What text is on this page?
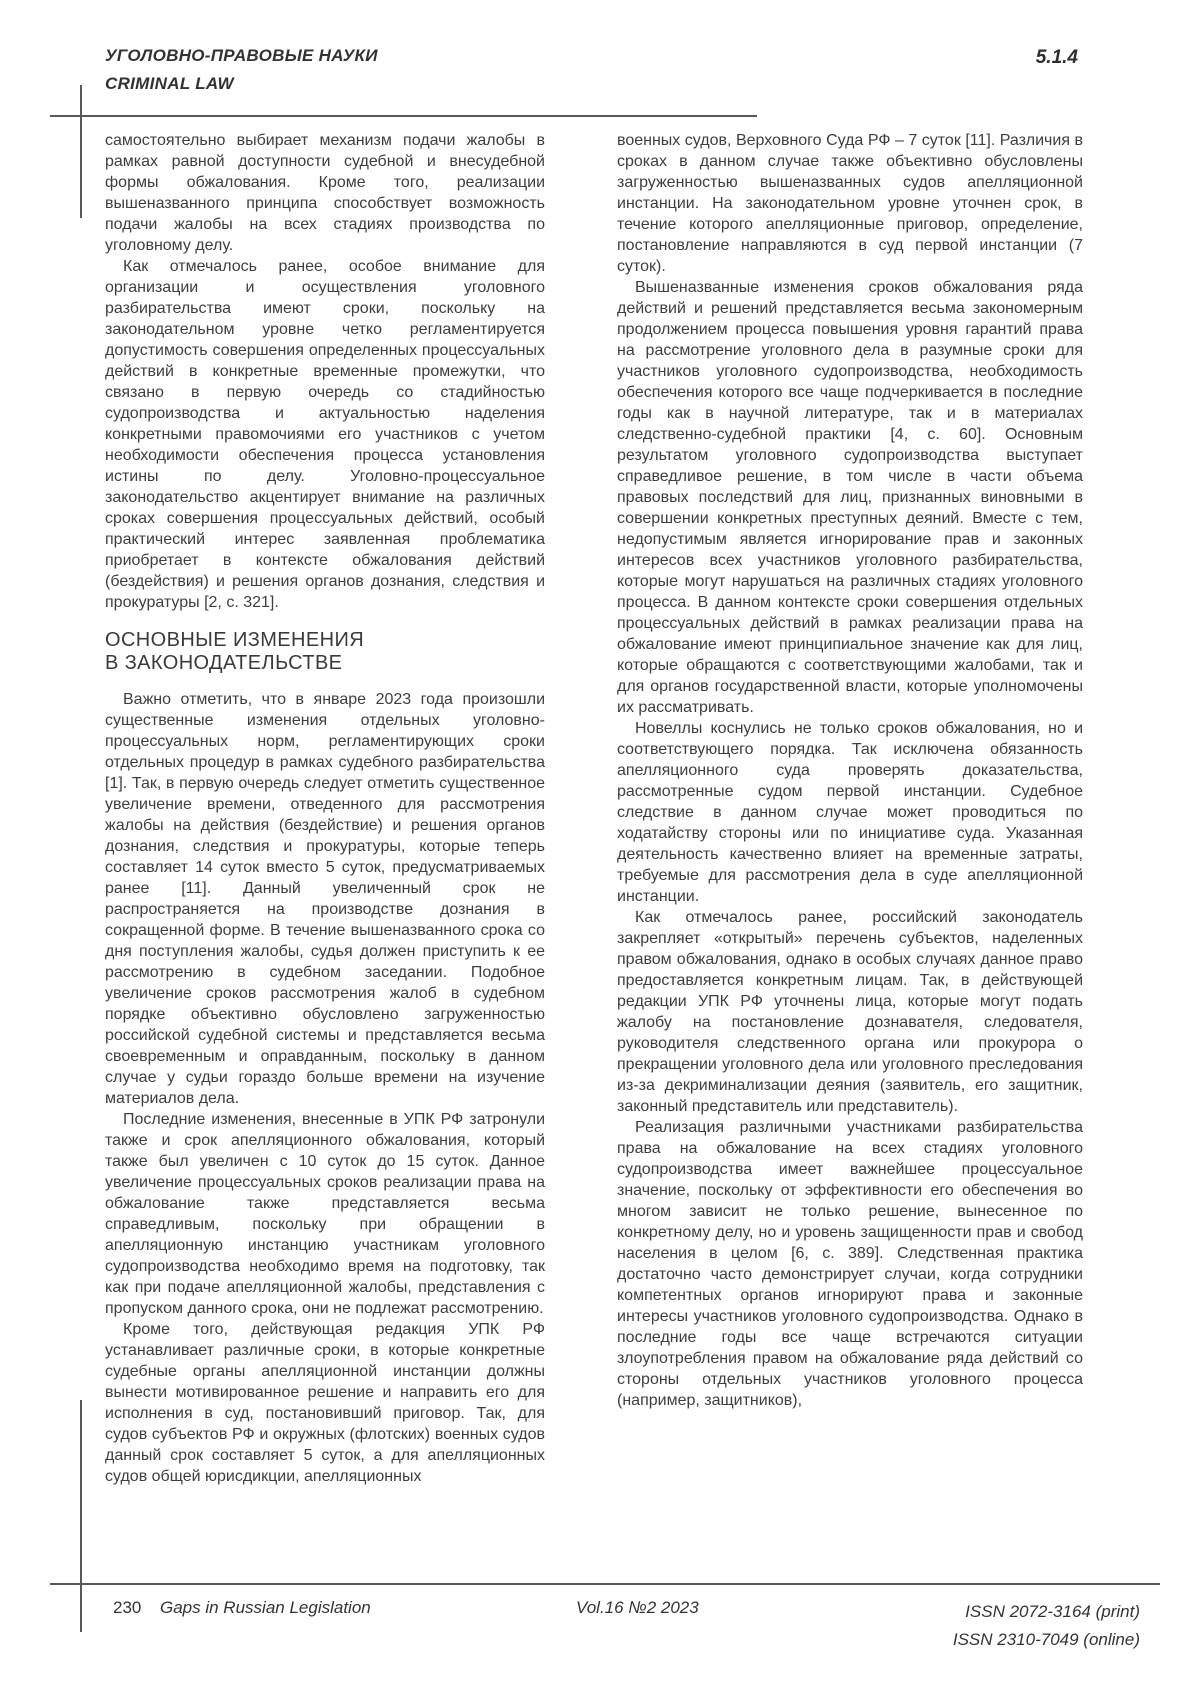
УГОЛОВНО-ПРАВОВЫЕ НАУКИ
CRIMINAL LAW
5.1.4

самостоятельно выбирает механизм подачи жалобы в рамках равной доступности судебной и внесудебной формы обжалования. Кроме того, реализации вышеназванного принципа способствует возможность подачи жалобы на всех стадиях производства по уголовному делу.

Как отмечалось ранее, особое внимание для организации и осуществления уголовного разбирательства имеют сроки, поскольку на законодательном уровне четко регламентируется допустимость совершения определенных процессуальных действий в конкретные временные промежутки, что связано в первую очередь со стадийностью судопроизводства и актуальностью наделения конкретными правомочиями его участников с учетом необходимости обеспечения процесса установления истины по делу. Уголовно-процессуальное законодательство акцентирует внимание на различных сроках совершения процессуальных действий, особый практический интерес заявленная проблематика приобретает в контексте обжалования действий (бездействия) и решения органов дознания, следствия и прокуратуры [2, с. 321].

ОСНОВНЫЕ ИЗМЕНЕНИЯ
В ЗАКОНОДАТЕЛЬСТВЕ

Важно отметить, что в январе 2023 года произошли существенные изменения отдельных уголовно-процессуальных норм, регламентирующих сроки отдельных процедур в рамках судебного разбирательства [1]. Так, в первую очередь следует отметить существенное увеличение времени, отведенного для рассмотрения жалобы на действия (бездействие) и решения органов дознания, следствия и прокуратуры, которые теперь составляет 14 суток вместо 5 суток, предусматриваемых ранее [11]. Данный увеличенный срок не распространяется на производстве дознания в сокращенной форме. В течение вышеназванного срока со дня поступления жалобы, судья должен приступить к ее рассмотрению в судебном заседании. Подобное увеличение сроков рассмотрения жалоб в судебном порядке объективно обусловлено загруженностью российской судебной системы и представляется весьма своевременным и оправданным, поскольку в данном случае у судьи гораздо больше времени на изучение материалов дела.

Последние изменения, внесенные в УПК РФ затронули также и срок апелляционного обжалования, который также был увеличен с 10 суток до 15 суток. Данное увеличение процессуальных сроков реализации права на обжалование также представляется весьма справедливым, поскольку при обращении в апелляционную инстанцию участникам уголовного судопроизводства необходимо время на подготовку, так как при подаче апелляционной жалобы, представления с пропуском данного срока, они не подлежат рассмотрению.

Кроме того, действующая редакция УПК РФ устанавливает различные сроки, в которые конкретные судебные органы апелляционной инстанции должны вынести мотивированное решение и направить его для исполнения в суд, постановивший приговор. Так, для судов субъектов РФ и окружных (флотских) военных судов данный срок составляет 5 суток, а для апелляционных судов общей юрисдикции, апелляционных

военных судов, Верховного Суда РФ – 7 суток [11]. Различия в сроках в данном случае также объективно обусловлены загруженностью вышеназванных судов апелляционной инстанции. На законодательном уровне уточнен срок, в течение которого апелляционные приговор, определение, постановление направляются в суд первой инстанции (7 суток).

Вышеназванные изменения сроков обжалования ряда действий и решений представляется весьма закономерным продолжением процесса повышения уровня гарантий права на рассмотрение уголовного дела в разумные сроки для участников уголовного судопроизводства, необходимость обеспечения которого все чаще подчеркивается в последние годы как в научной литературе, так и в материалах следственно-судебной практики [4, с. 60]. Основным результатом уголовного судопроизводства выступает справедливое решение, в том числе в части объема правовых последствий для лиц, признанных виновными в совершении конкретных преступных деяний. Вместе с тем, недопустимым является игнорирование прав и законных интересов всех участников уголовного разбирательства, которые могут нарушаться на различных стадиях уголовного процесса. В данном контексте сроки совершения отдельных процессуальных действий в рамках реализации права на обжалование имеют принципиальное значение как для лиц, которые обращаются с соответствующими жалобами, так и для органов государственной власти, которые уполномочены их рассматривать.

Новеллы коснулись не только сроков обжалования, но и соответствующего порядка. Так исключена обязанность апелляционного суда проверять доказательства, рассмотренные судом первой инстанции. Судебное следствие в данном случае может проводиться по ходатайству стороны или по инициативе суда. Указанная деятельность качественно влияет на временные затраты, требуемые для рассмотрения дела в суде апелляционной инстанции.

Как отмечалось ранее, российский законодатель закрепляет «открытый» перечень субъектов, наделенных правом обжалования, однако в особых случаях данное право предоставляется конкретным лицам. Так, в действующей редакции УПК РФ уточнены лица, которые могут подать жалобу на постановление дознавателя, следователя, руководителя следственного органа или прокурора о прекращении уголовного дела или уголовного преследования из-за декриминализации деяния (заявитель, его защитник, законный представитель или представитель).

Реализация различными участниками разбирательства права на обжалование на всех стадиях уголовного судопроизводства имеет важнейшее процессуальное значение, поскольку от эффективности его обеспечения во многом зависит не только решение, вынесенное по конкретному делу, но и уровень защищенности прав и свобод населения в целом [6, с. 389]. Следственная практика достаточно часто демонстрирует случаи, когда сотрудники компетентных органов игнорируют права и законные интересы участников уголовного судопроизводства. Однако в последние годы все чаще встречаются ситуации злоупотребления правом на обжалование ряда действий со стороны отдельных участников уголовного процесса (например, защитников),

230 Gaps in Russian Legislation	Vol.16 №2 2023	ISSN 2072-3164 (print)
ISSN 2310-7049 (online)
